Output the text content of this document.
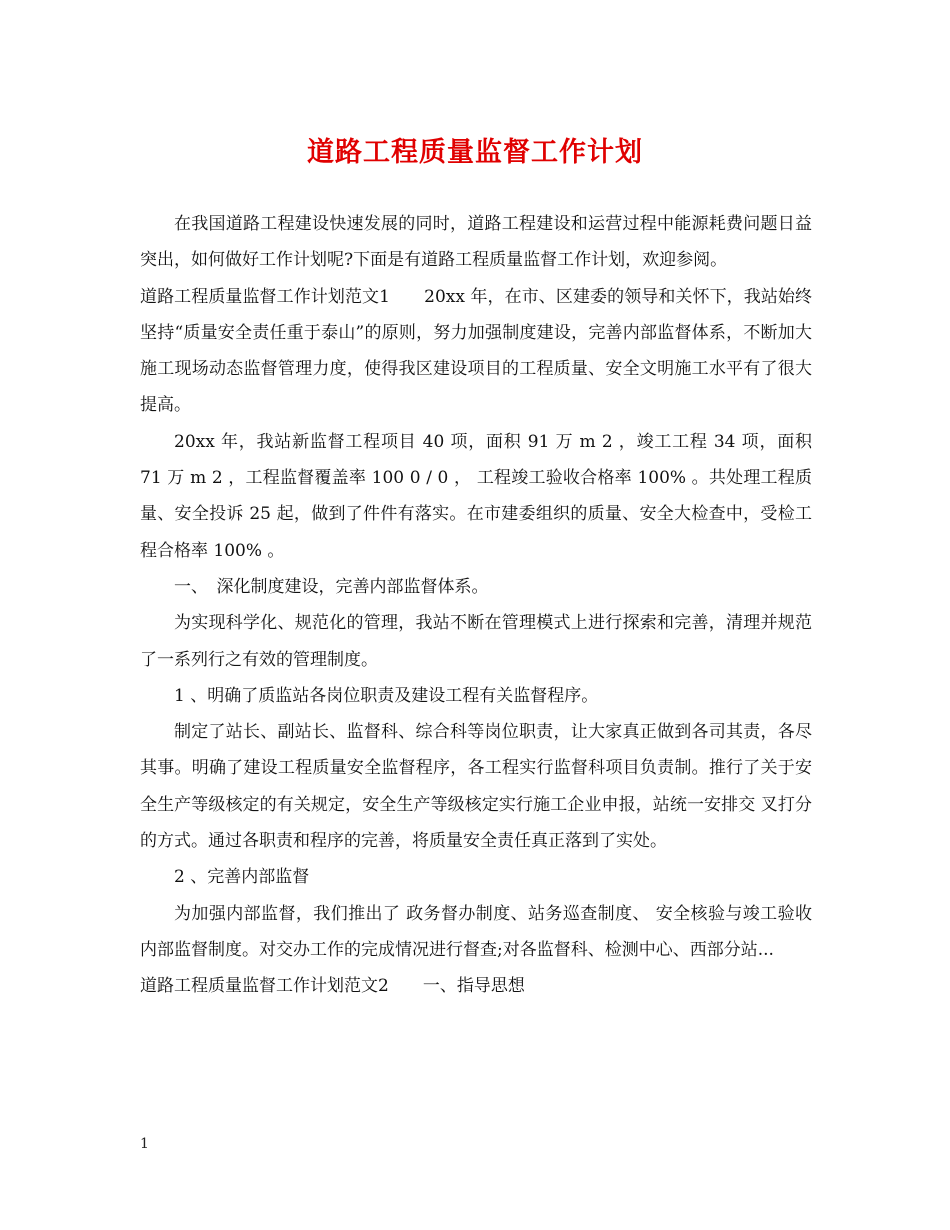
道路工程质量监督工作计划

在我国道路工程建设快速发展的同时，道路工程建设和运营过程中能源耗费问题日益突出，如何做好工作计划呢?下面是有道路工程质量监督工作计划，欢迎参阅。

道路工程质量监督工作计划范文1　　20xx 年，在市、区建委的领导和关怀下，我站始终坚持“质量安全责任重于泰山”的原则，努力加强制度建设，完善内部监督体系，不断加大施工现场动态监督管理力度，使得我区建设项目的工程质量、安全文明施工水平有了很大提高。

20xx 年，我站新监督工程项目 40 项，面积 91 万 m 2 ，竣工工程 34 项，面积 71 万 m 2 ，工程监督覆盖率 100 0 / 0 ， 工程竣工验收合格率 100% 。共处理工程质量、安全投诉 25 起，做到了件件有落实。在市建委组织的质量、安全大检查中，受检工程合格率 100% 。

一、　深化制度建设，完善内部监督体系。

为实现科学化、规范化的管理，我站不断在管理模式上进行探索和完善，清理并规范了一系列行之有效的管理制度。

1 、明确了质监站各岗位职责及建设工程有关监督程序。

制定了站长、副站长、监督科、综合科等岗位职责，让大家真正做到各司其责，各尽其事。明确了建设工程质量安全监督程序，各工程实行监督科项目负责制。推行了关于安全生产等级核定的有关规定，安全生产等级核定实行施工企业申报，站统一安排交 叉打分的方式。通过各职责和程序的完善，将质量安全责任真正落到了实处。

2 、完善内部监督

为加强内部监督，我们推出了 政务督办制度、站务巡查制度、 安全核验与竣工验收内部监督制度。对交办工作的完成情况进行督查;对各监督科、检测中心、西部分站...

道路工程质量监督工作计划范文2　　一、指导思想

1
